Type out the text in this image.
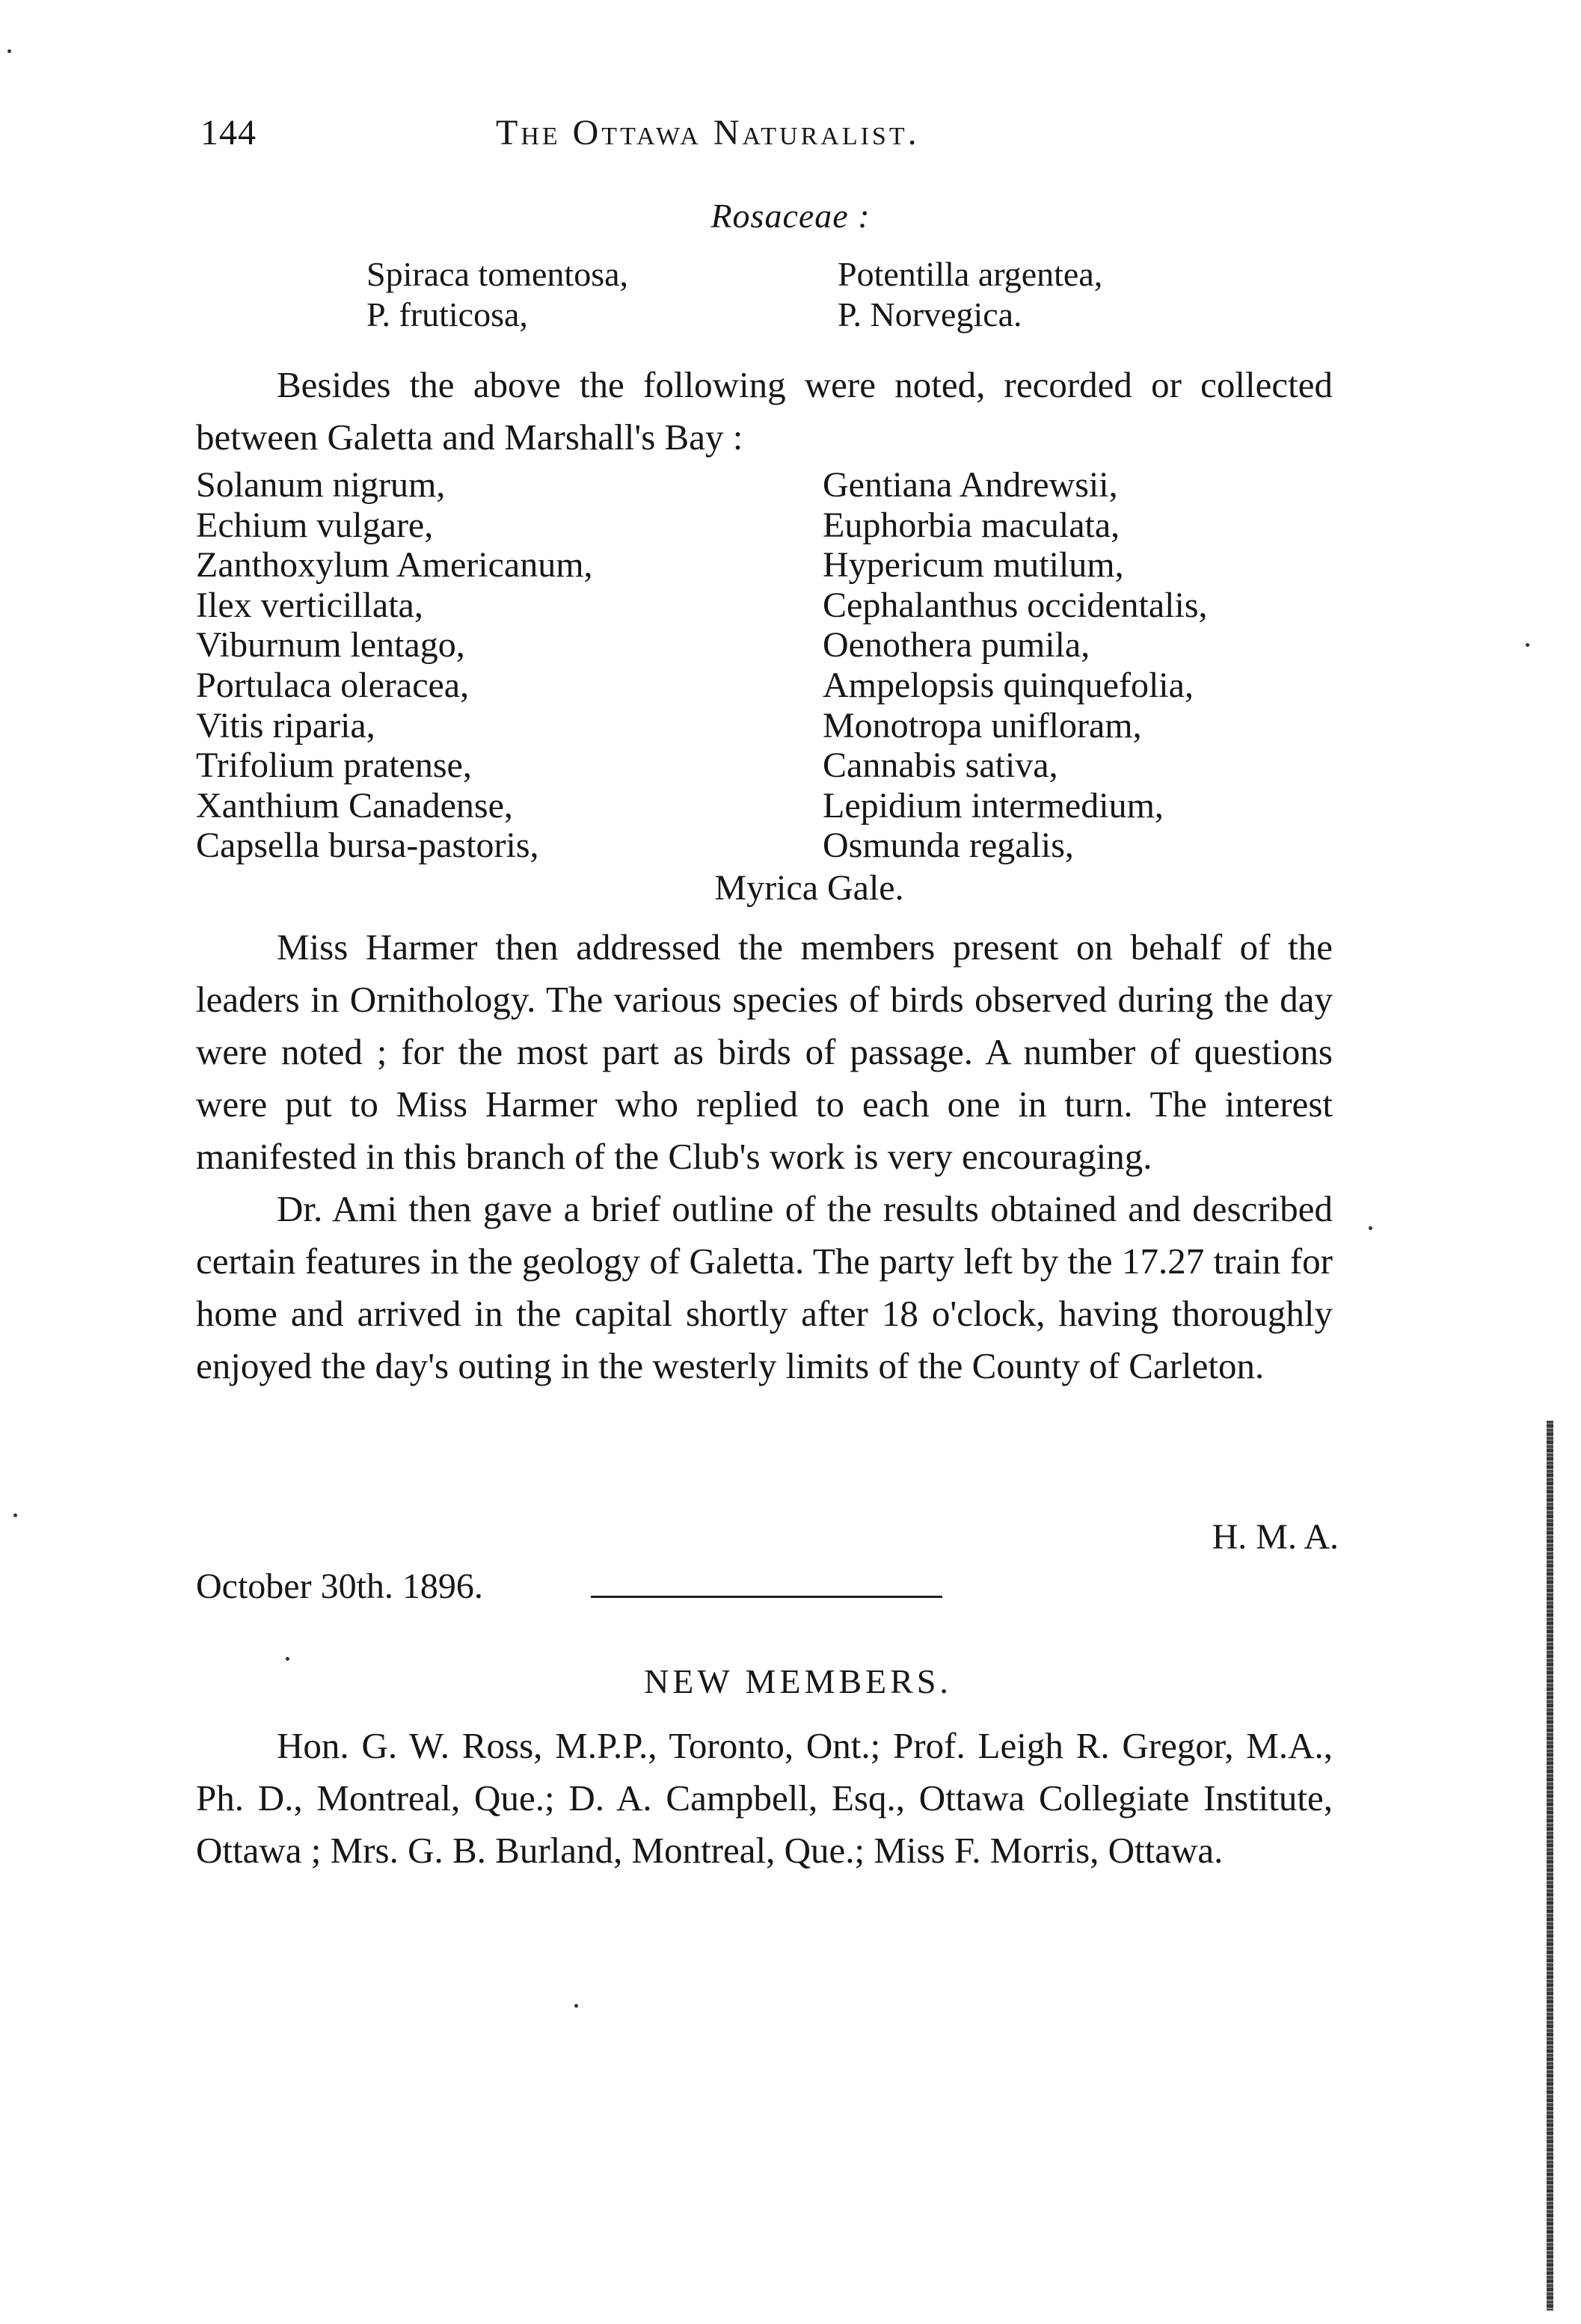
144	The Ottawa Naturalist.
Rosaceae :
Spiraca tomentosa,
P. fruticosa,
Potentilla argentea,
P. Norvegica.

Besides the above the following were noted, recorded or collected between Galetta and Marshall's Bay :

Solanum nigrum,
Echium vulgare,
Zanthoxylum Americanum,
Ilex verticillata,
Viburnum lentago,
Portulaca oleracea,
Vitis riparia,
Trifolium pratense,
Xanthium Canadense,
Capsella bursa-pastoris,
Gentiana Andrewsii,
Euphorbia maculata,
Hypericum mutilum,
Cephalanthus occidentalis,
Oenothera pumila,
Ampelopsis quinquefolia,
Monotropa unifloram,
Cannabis sativa,
Lepidium intermedium,
Osmunda regalis,
Myrica Gale.

Miss Harmer then addressed the members present on behalf of the leaders in Ornithology. The various species of birds observed during the day were noted ; for the most part as birds of passage. A number of questions were put to Miss Harmer who replied to each one in turn. The interest manifested in this branch of the Club's work is very encouraging.

Dr. Ami then gave a brief outline of the results obtained and described certain features in the geology of Galetta. The party left by the 17.27 train for home and arrived in the capital shortly after 18 o'clock, having thoroughly enjoyed the day's outing in the westerly limits of the County of Carleton.

H. M. A.
October 30th. 1896.
NEW MEMBERS.

Hon. G. W. Ross, M.P.P., Toronto, Ont.; Prof. Leigh R. Gregor, M.A., Ph. D., Montreal, Que.; D. A. Campbell, Esq., Ottawa Collegiate Institute, Ottawa ; Mrs. G. B. Burland, Montreal, Que.; Miss F. Morris, Ottawa.
